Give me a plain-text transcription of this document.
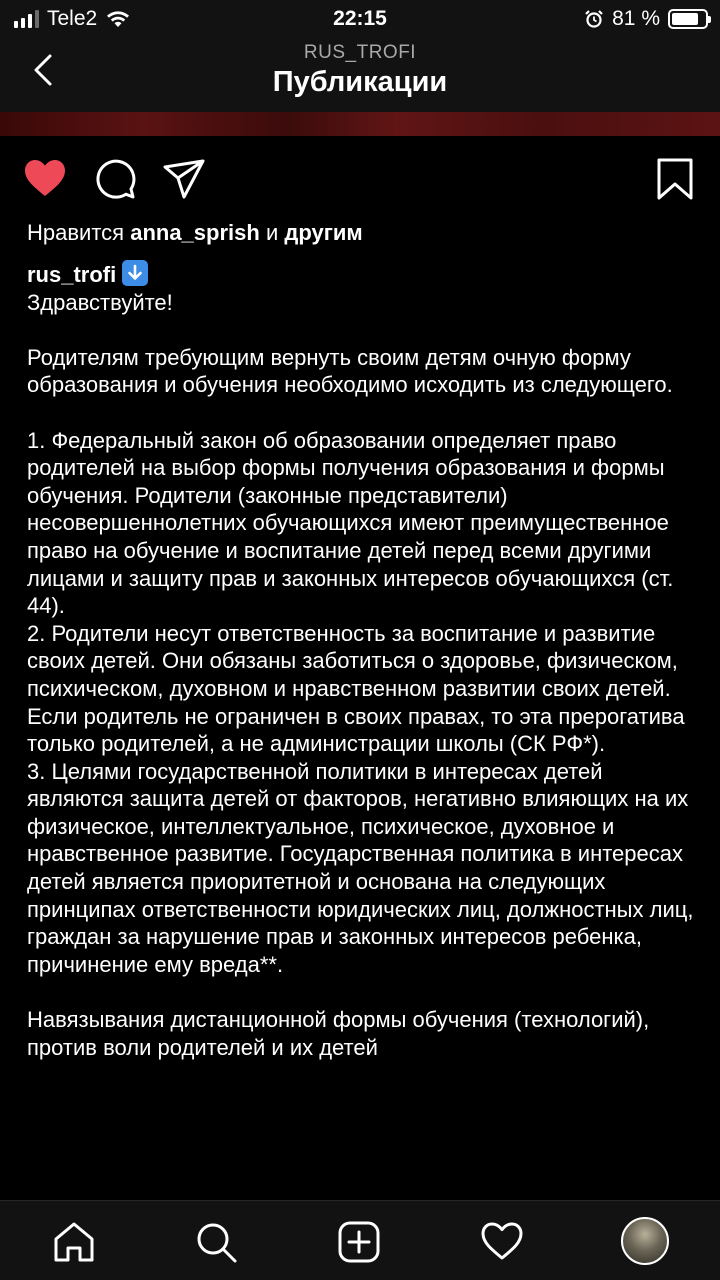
Tele2	22:15	81 %
RUS_TROFI
Публикации
Нравится anna_sprish и другим
rus_trofi
Здравствуйте!

Родителям требующим вернуть своим детям очную форму образования и обучения необходимо исходить из следующего.

1. Федеральный закон об образовании определяет право родителей на выбор формы получения образования и формы обучения. Родители (законные представители) несовершеннолетних обучающихся имеют преимущественное право на обучение и воспитание детей перед всеми другими лицами и защиту прав и законных интересов обучающихся (ст. 44).
2. Родители несут ответственность за воспитание и развитие своих детей. Они обязаны заботиться о здоровье, физическом, психическом, духовном и нравственном развитии своих детей.  Если родитель не ограничен в своих правах, то эта прерогатива только родителей, а не администрации школы (СК РФ*).
3. Целями государственной политики в интересах детей являются защита детей от факторов, негативно влияющих на их физическое, интеллектуальное, психическое, духовное и нравственное развитие. Государственная политика в интересах детей является приоритетной и основана на следующих принципах ответственности юридических лиц, должностных лиц, граждан за нарушение прав и законных интересов ребенка, причинение ему вреда**.

Навязывания дистанционной формы обучения (технологий), против воли родителей и их детей
